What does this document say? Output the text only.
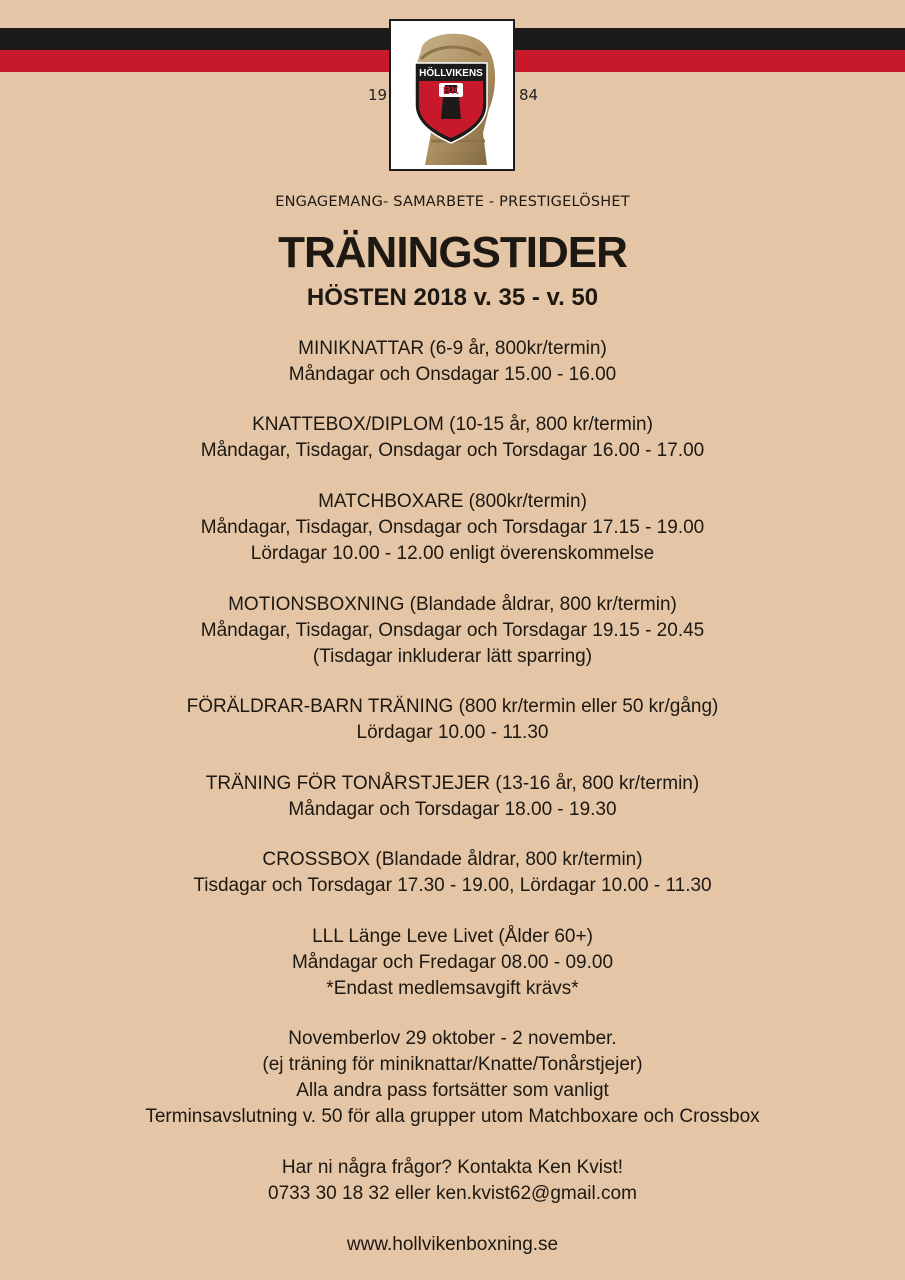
HÖLLVIKENS
BK
19	84
ENGAGEMANG- SAMARBETE - PRESTIGELÖSHET
TRÄNINGSTIDER
HÖSTEN 2018 v. 35 - v. 50
MINIKNATTAR (6-9 år, 800kr/termin)
Måndagar och Onsdagar 15.00 - 16.00
KNATTEBOX/DIPLOM (10-15 år, 800 kr/termin)
Måndagar, Tisdagar, Onsdagar och Torsdagar 16.00 - 17.00
MATCHBOXARE (800kr/termin)
Måndagar, Tisdagar, Onsdagar och Torsdagar 17.15 - 19.00
Lördagar 10.00 - 12.00 enligt överenskommelse
MOTIONSBOXNING (Blandade åldrar, 800 kr/termin)
Måndagar, Tisdagar, Onsdagar och Torsdagar 19.15 - 20.45
(Tisdagar inkluderar lätt sparring)
FÖRÄLDRAR-BARN TRÄNING (800 kr/termin eller 50 kr/gång)
Lördagar 10.00 - 11.30
TRÄNING FÖR TONÅRSTJEJER (13-16 år, 800 kr/termin)
Måndagar och Torsdagar 18.00 - 19.30
CROSSBOX (Blandade åldrar, 800 kr/termin)
Tisdagar och Torsdagar 17.30 - 19.00, Lördagar 10.00 - 11.30
LLL Länge Leve Livet (Ålder 60+)
Måndagar och Fredagar 08.00 - 09.00
*Endast medlemsavgift krävs*
Novemberlov 29 oktober - 2 november.
(ej träning för miniknattar/Knatte/Tonårstjejer)
Alla andra pass fortsätter som vanligt
Terminsavslutning v. 50 för alla grupper utom Matchboxare och Crossbox
Har ni några frågor? Kontakta Ken Kvist!
0733 30 18 32 eller ken.kvist62@gmail.com
www.hollvikenboxning.se
